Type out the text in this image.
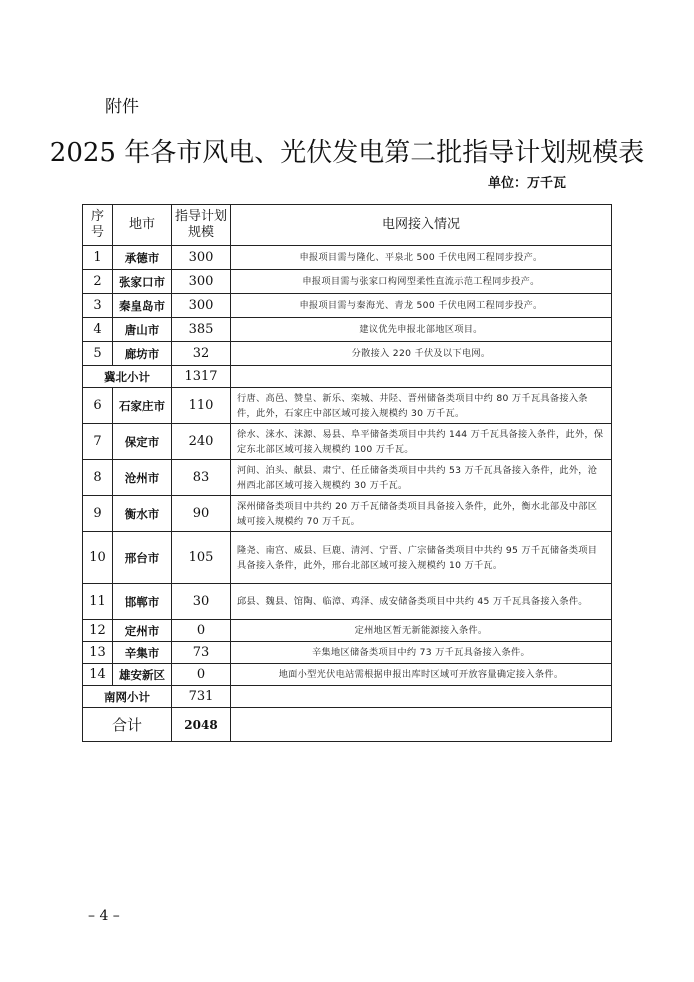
附件
2025 年各市风电、光伏发电第二批指导计划规模表
单位：万千瓦
序号	地市	指导计划规模	电网接入情况
1	承德市	300	申报项目需与隆化、平泉北 500 千伏电网工程同步投产。
2	张家口市	300	申报项目需与张家口构网型柔性直流示范工程同步投产。
3	秦皇岛市	300	申报项目需与秦海光、青龙 500 千伏电网工程同步投产。
4	唐山市	385	建议优先申报北部地区项目。
5	廊坊市	32	分散接入 220 千伏及以下电网。
冀北小计		1317	
6	石家庄市	110	行唐、高邑、赞皇、新乐、栾城、井陉、晋州储备类项目中约 80 万千瓦具备接入条件，此外，石家庄中部区域可接入规模约 30 万千瓦。
7	保定市	240	徐水、涞水、涞源、易县、阜平储备类项目中共约 144 万千瓦具备接入条件，此外，保定东北部区域可接入规模约 100 万千瓦。
8	沧州市	83	河间、泊头、献县、肃宁、任丘储备类项目中共约 53 万千瓦具备接入条件，此外，沧州西北部区域可接入规模约 30 万千瓦。
9	衡水市	90	深州储备类项目中共约 20 万千瓦储备类项目具备接入条件，此外，衡水北部及中部区域可接入规模约 70 万千瓦。
10	邢台市	105	隆尧、南宫、威县、巨鹿、清河、宁晋、广宗储备类项目中共约 95 万千瓦储备类项目具备接入条件，此外，邢台北部区域可接入规模约 10 万千瓦。
11	邯郸市	30	邱县、魏县、馆陶、临漳、鸡泽、成安储备类项目中共约 45 万千瓦具备接入条件。
12	定州市	0	定州地区暂无新能源接入条件。
13	辛集市	73	辛集地区储备类项目中约 73 万千瓦具备接入条件。
14	雄安新区	0	地面小型光伏电站需根据申报出库时区域可开放容量确定接入条件。
南网小计		731	
合计		2048	
– 4 –
